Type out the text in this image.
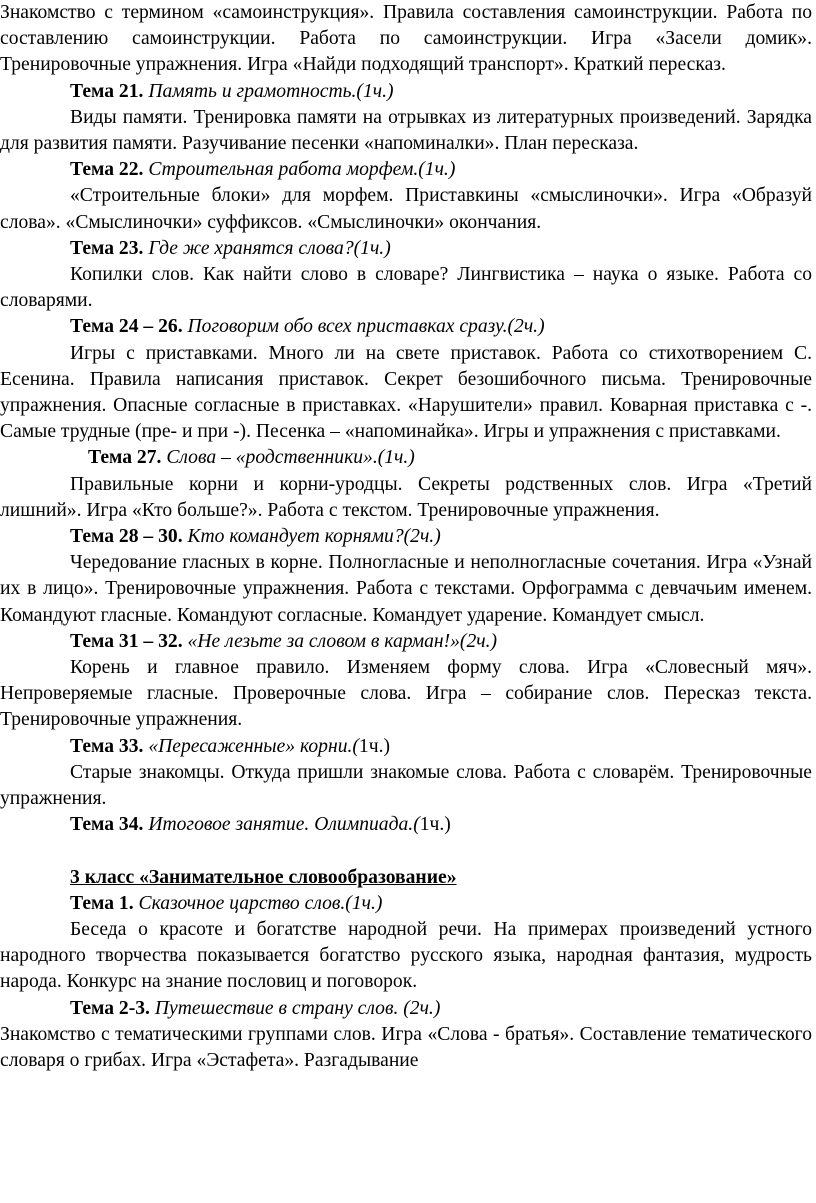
Знакомство с термином «самоинструкция». Правила составления самоинструкции. Работа по составлению самоинструкции. Работа по самоинструкции. Игра «Засели домик». Тренировочные упражнения. Игра «Найди подходящий транспорт». Краткий пересказ.

Тема 21. Память и грамотность.(1ч.)

Виды памяти. Тренировка памяти на отрывках из литературных произведений. Зарядка для развития памяти. Разучивание песенки «напоминалки». План пересказа.

Тема 22. Строительная работа морфем.(1ч.)

«Строительные блоки» для морфем. Приставкины «смыслиночки». Игра «Образуй слова». «Смыслиночки» суффиксов. «Смыслиночки» окончания.

Тема 23. Где же хранятся слова?(1ч.)

Копилки слов. Как найти слово в словаре? Лингвистика – наука о языке. Работа со словарями.

Тема 24 – 26. Поговорим обо всех приставках сразу.(2ч.)

Игры с приставками. Много ли на свете приставок. Работа со стихотворением С. Есенина. Правила написания приставок. Секрет безошибочного письма. Тренировочные упражнения. Опасные согласные в приставках. «Нарушители» правил. Коварная приставка с -. Самые трудные (пре- и при -). Песенка – «напоминайка». Игры и упражнения с приставками.

Тема 27. Слова – «родственники».(1ч.)

Правильные корни и корни-уродцы. Секреты родственных слов. Игра «Третий лишний». Игра «Кто больше?». Работа с текстом. Тренировочные упражнения.

Тема 28 – 30. Кто командует корнями?(2ч.)

Чередование гласных в корне. Полногласные и неполногласные сочетания. Игра «Узнай их в лицо». Тренировочные упражнения. Работа с текстами. Орфограмма с девчачьим именем. Командуют гласные. Командуют согласные. Командует ударение. Командует смысл.

Тема 31 – 32. «Не лезьте за словом в карман!»(2ч.)

Корень и главное правило. Изменяем форму слова. Игра «Словесный мяч». Непроверяемые гласные. Проверочные слова. Игра – собирание слов. Пересказ текста. Тренировочные упражнения.

Тема 33. «Пересаженные» корни.(1ч.)

Старые знакомцы. Откуда пришли знакомые слова. Работа с словарём. Тренировочные упражнения.

Тема 34. Итоговое занятие. Олимпиада.(1ч.)

3 класс «Занимательное словообразование»

Тема 1. Сказочное царство слов.(1ч.)

Беседа о красоте и богатстве народной речи. На примерах произведений устного народного творчества показывается богатство русского языка, народная фантазия, мудрость народа. Конкурс на знание пословиц и поговорок.

Тема 2-3. Путешествие в страну слов. (2ч.)

Знакомство с тематическими группами слов. Игра «Слова - братья». Составление тематического словаря о грибах. Игра «Эстафета». Разгадывание
